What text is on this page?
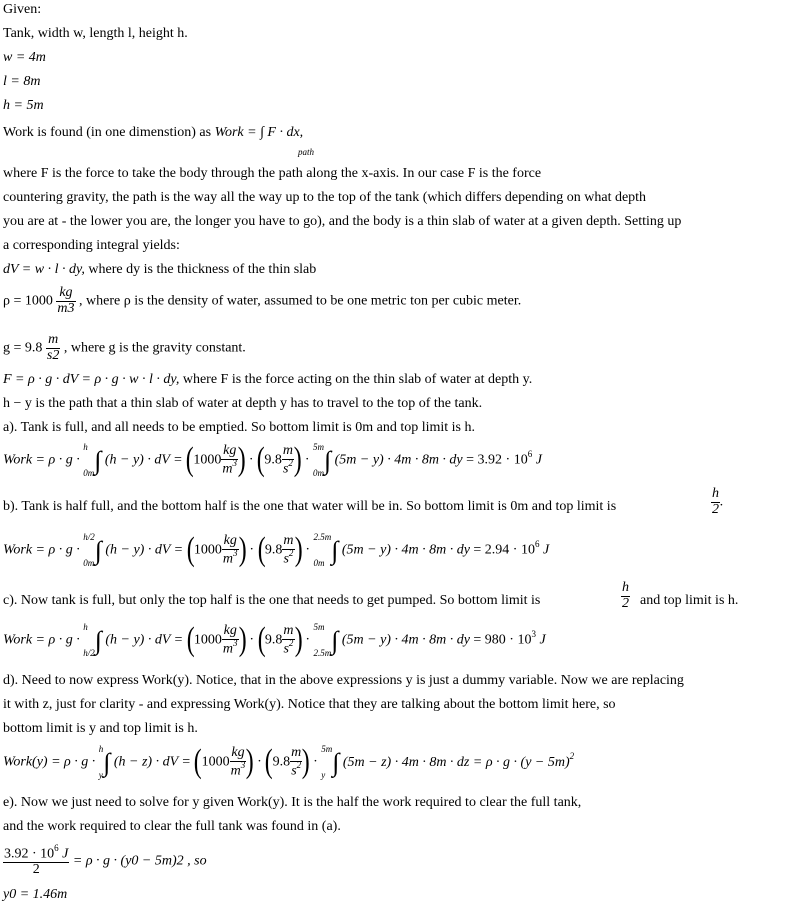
Given:
Tank, width w, length l, height h.
w = 4m
l = 8m
h = 5m
Work is found (in one dimenstion) as Work = ∫ F · dx,
path
where F is the force to take the body through the path along the x-axis. In our case F is the force
countering gravity, the path is the way all the way up to the top of the tank (which differs depending on what depth
you are at - the lower you are, the longer you have to go), and the body is a thin slab of water at a given depth. Setting up
a corresponding integral yields:
dV = w · l · dy, where dy is the thickness of the thin slab
$\rho = 1000 \frac{kg}{m3}$ , where ρ is the density of water, assumed to be one metric ton per cubic meter.
$g = 9.8 \frac{m}{s2}$ , where g is the gravity constant.
F = ρ · g · dV = ρ · g · w · l · dy, where F is the force acting on the thin slab of water at depth y.
h − y is the path that a thin slab of water at depth y has to travel to the top of the tank.
a). Tank is full, and all needs to be emptied. So bottom limit is 0m and top limit is h.
Work = ρ · g ·
h
0m ∫ (h − y) · dV = ($1000 \frac{kg}{m^3}$ ) · ($9.8 \frac{m}{s^2}$ ) ·
5m
0m ∫ (5m − y) · 4m · 8m · dy = $3.92 \cdot 10^6$ J
b). Tank is half full, and the bottom half is the one that water will be in. So bottom limit is 0m and top limit is	$\frac{h}{2}$ .
Work = ρ · g ·
h/2
0m ∫ (h − y) · dV = ($1000 \frac{kg}{m^3}$ ) · ($9.8 \frac{m}{s^2}$ ) ·
2.5m
0m ∫ (5m − y) · 4m · 8m · dy = $2.94 \cdot 10^6$ J
c). Now tank is full, but only the top half is the one that needs to get pumped. So bottom limit is	$\frac{h}{2}$ and top limit is h.
Work = ρ · g ·
h
h/2 ∫ (h − y) · dV = ($1000 \frac{kg}{m^3}$ ) · ($9.8 \frac{m}{s^2}$ ) ·
5m
2.5m ∫ (5m − y) · 4m · 8m · dy = $980 \cdot 10^3$ J
d). Need to now express Work(y). Notice, that in the above expressions y is just a dummy variable. Now we are replacing
it with z, just for clarity - and expressing Work(y). Notice that they are talking about the bottom limit here, so
bottom limit is y and top limit is h.
Work(y) = ρ · g ·
h
y ∫ (h − z) · dV = ($1000 \frac{kg}{m^3}$ ) · ($9.8 \frac{m}{s^2}$ ) ·
5m
y ∫ (5m − z) · 4m · 8m · dz = $\rho \cdot g \cdot (y - 5m)^2$
e). Now we just need to solve for y given Work(y). It is the half the work required to clear the full tank,
and the work required to clear the full tank was found in (a).
$\frac{3.92 \cdot 10^6 J}{2} = \rho \cdot g \cdot (y0 - 5m)2$ , so
y0 = 1.46m
